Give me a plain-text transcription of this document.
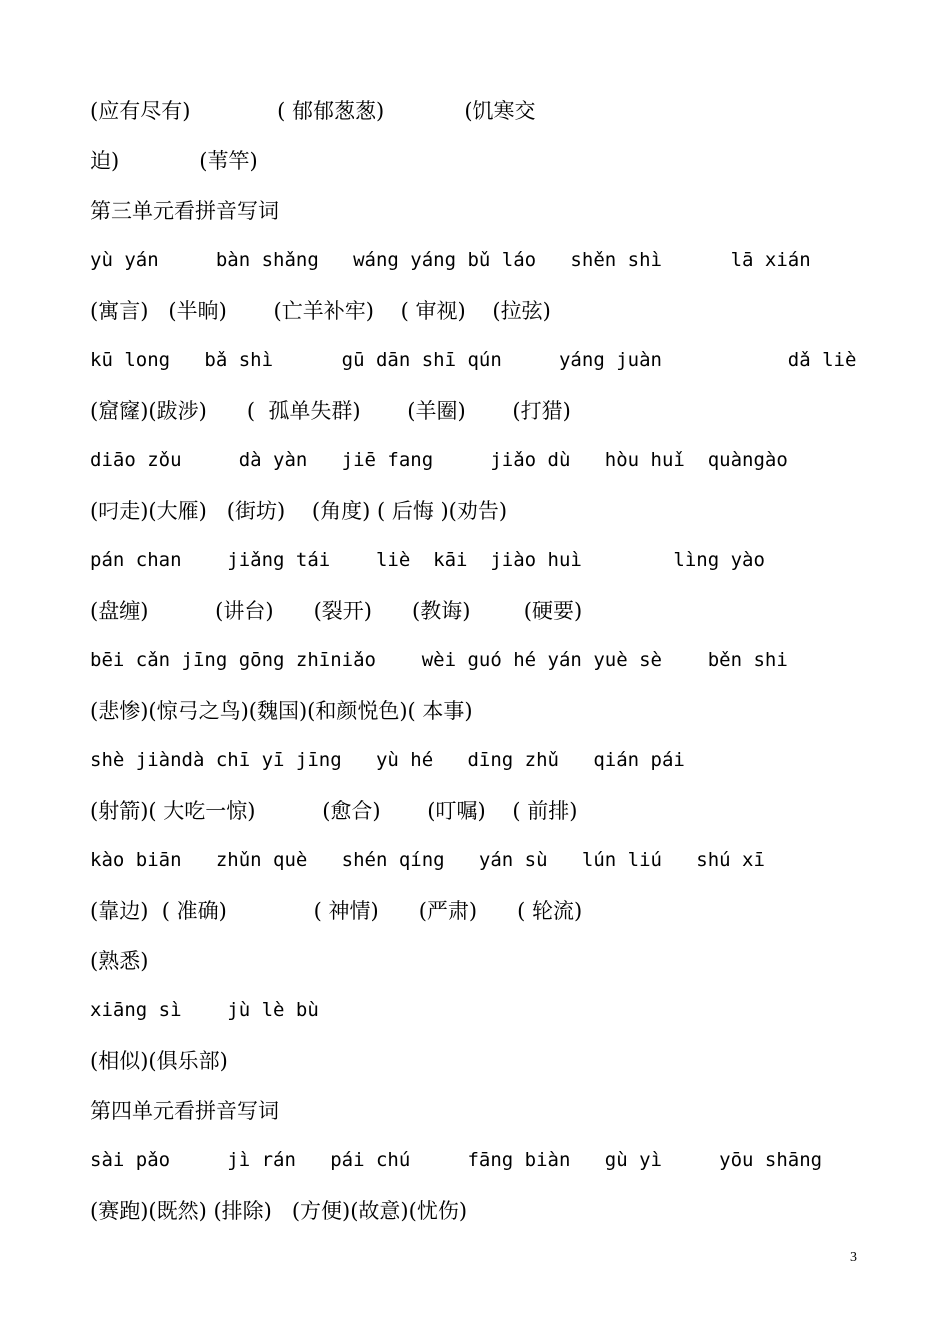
(应有尽有)             ( 郁郁葱葱)            (饥寒交
迫)            (苇竿)
第三单元看拼音写词
yù yán     bàn shǎng   wáng yáng bǔ láo   shěn shì      lā xián
(寓言)   (半晌)       (亡羊补牢)    ( 审视)    (拉弦)
kū long   bǎ shì      gū dān shī qún     yáng juàn           dǎ liè
(窟窿)(跋涉)      (  孤单失群)       (羊圈)       (打猎)
diāo zǒu     dà yàn   jiē fang     jiǎo dù   hòu huǐ  quàngào
(叼走)(大雁)   (街坊)    (角度) ( 后悔 )(劝告)
pán chan    jiǎng tái    liè  kāi  jiào huì        lìng yào
(盘缠)          (讲台)      (裂开)      (教诲)        (硬要)
bēi cǎn jīng gōng zhīniǎo    wèi guó hé yán yuè sè    běn shi
(悲惨)(惊弓之鸟)(魏国)(和颜悦色)( 本事)
shè jiàndà chī yī jīng   yù hé   dīng zhǔ   qián pái
(射箭)( 大吃一惊)          (愈合)       (叮嘱)    ( 前排)
kào biān   zhǔn què   shén qíng   yán sù   lún liú   shú xī
(靠边)  ( 准确)             ( 神情)      (严肃)      ( 轮流)
(熟悉)
xiāng sì    jù lè bù
(相似)(俱乐部)
第四单元看拼音写词
sài pǎo     jì rán   pái chú     fāng biàn   gù yì     yōu shāng
(赛跑)(既然) (排除)   (方便)(故意)(忧伤)
3
